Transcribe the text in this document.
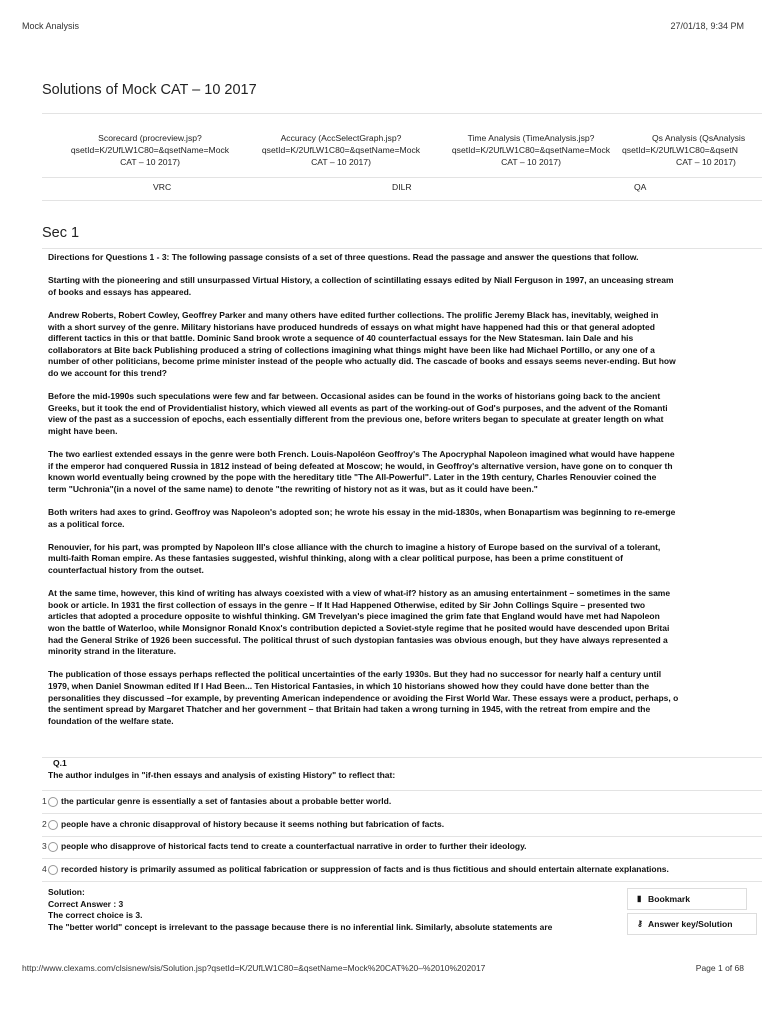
Mock Analysis	27/01/18, 9:34 PM
Solutions of Mock CAT – 10 2017
Scorecard (procreview.jsp?
qsetId=K/2UfLW1C80=&qsetName=Mock
CAT – 10 2017)
Accuracy (AccSelectGraph.jsp?
qsetId=K/2UfLW1C80=&qsetName=Mock
CAT – 10 2017)
Time Analysis (TimeAnalysis.jsp?
qsetId=K/2UfLW1C80=&qsetName=Mock
CAT – 10 2017)
Qs Analysis (QsAnalysis
qsetId=K/2UfLW1C80=&qsetN
CAT – 10 2017)
VRC	DILR	QA
Sec 1

Directions for Questions 1 - 3: The following passage consists of a set of three questions. Read the passage and answer the questions that follow.

Starting with the pioneering and still unsurpassed Virtual History, a collection of scintillating essays edited by Niall Ferguson in 1997, an unceasing stream
of books and essays has appeared.

Andrew Roberts, Robert Cowley, Geoffrey Parker and many others have edited further collections. The prolific Jeremy Black has, inevitably, weighed in
with a short survey of the genre. Military historians have produced hundreds of essays on what might have happened had this or that general adopted
different tactics in this or that battle. Dominic Sand brook wrote a sequence of 40 counterfactual essays for the New Statesman. Iain Dale and his
collaborators at Bite back Publishing produced a string of collections imagining what things might have been like had Michael Portillo, or any one of a
number of other politicians, become prime minister instead of the people who actually did. The cascade of books and essays seems never-ending. But how
do we account for this trend?

Before the mid-1990s such speculations were few and far between. Occasional asides can be found in the works of historians going back to the ancient
Greeks, but it took the end of Providentialist history, which viewed all events as part of the working-out of God's purposes, and the advent of the Romanti
view of the past as a succession of epochs, each essentially different from the previous one, before writers began to speculate at greater length on what
might have been.

The two earliest extended essays in the genre were both French. Louis-Napoléon Geoffroy's The Apocryphal Napoleon imagined what would have happene
if the emperor had conquered Russia in 1812 instead of being defeated at Moscow; he would, in Geoffroy's alternative version, have gone on to conquer th
known world eventually being crowned by the pope with the hereditary title "The All-Powerful". Later in the 19th century, Charles Renouvier coined the
term "Uchronia"(in a novel of the same name) to denote "the rewriting of history not as it was, but as it could have been."

Both writers had axes to grind. Geoffroy was Napoleon's adopted son; he wrote his essay in the mid-1830s, when Bonapartism was beginning to re-emerge
as a political force.

Renouvier, for his part, was prompted by Napoleon III's close alliance with the church to imagine a history of Europe based on the survival of a tolerant,
multi-faith Roman empire. As these fantasies suggested, wishful thinking, along with a clear political purpose, has been a prime constituent of
counterfactual history from the outset.

At the same time, however, this kind of writing has always coexisted with a view of what-if? history as an amusing entertainment – sometimes in the same
book or article. In 1931 the first collection of essays in the genre – If It Had Happened Otherwise, edited by Sir John Collings Squire – presented two
articles that adopted a procedure opposite to wishful thinking. GM Trevelyan's piece imagined the grim fate that England would have met had Napoleon
won the battle of Waterloo, while Monsignor Ronald Knox's contribution depicted a Soviet-style regime that he posited would have descended upon Britai
had the General Strike of 1926 been successful. The political thrust of such dystopian fantasies was obvious enough, but they have always represented a
minority strand in the literature.

The publication of those essays perhaps reflected the political uncertainties of the early 1930s. But they had no successor for nearly half a century until
1979, when Daniel Snowman edited If I Had Been... Ten Historical Fantasies, in which 10 historians showed how they could have done better than the
personalities they discussed –for example, by preventing American independence or avoiding the First World War. These essays were a product, perhaps, o
the sentiment spread by Margaret Thatcher and her government – that Britain had taken a wrong turning in 1945, with the retreat from empire and the
foundation of the welfare state.

Q.1
The author indulges in "if-then essays and analysis of existing History" to reflect that:
1 the particular genre is essentially a set of fantasies about a probable better world.
2 people have a chronic disapproval of history because it seems nothing but fabrication of facts.
3 people who disapprove of historical facts tend to create a counterfactual narrative in order to further their ideology.
4 recorded history is primarily assumed as political fabrication or suppression of facts and is thus fictitious and should entertain alternate explanations.
Solution:
Correct Answer : 3
The correct choice is 3.
The "better world" concept is irrelevant to the passage because there is no inferential link. Similarly, absolute statements are
▮ Bookmark
⚷ Answer key/Solution
http://www.clexams.com/clsisnew/sis/Solution.jsp?qsetId=K/2UfLW1C80=&qsetName=Mock%20CAT%20–%2010%202017	Page 1 of 68
